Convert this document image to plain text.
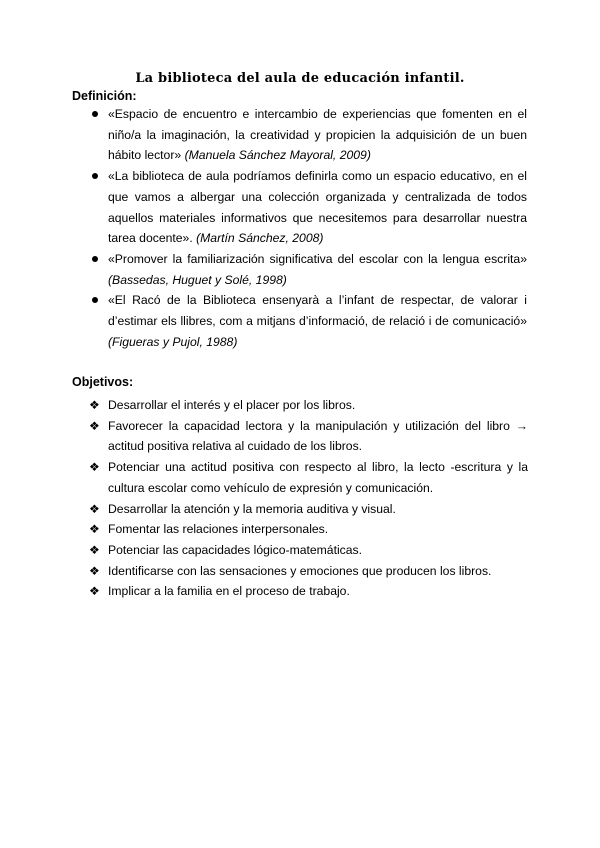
La biblioteca del aula de educación infantil.
Definición:
«Espacio de encuentro e intercambio de experiencias que fomenten en el niño/a la imaginación, la creatividad y propicien la adquisición de un buen hábito lector» (Manuela Sánchez Mayoral, 2009)
«La biblioteca de aula podríamos definirla como un espacio educativo, en el que vamos a albergar una colección organizada y centralizada de todos aquellos materiales informativos que necesitemos para desarrollar nuestra tarea docente». (Martín Sánchez, 2008)
«Promover la familiarización significativa del escolar con la lengua escrita» (Bassedas, Huguet y Solé, 1998)
«El Racó de la Biblioteca ensenyarà a l’infant de respectar, de valorar i d’estimar els llibres, com a mitjans d’informació, de relació i de comunicació» (Figueras y Pujol, 1988)
Objetivos:
❖ Desarrollar el interés y el placer por los libros.
❖ Favorecer la capacidad lectora y la manipulación y utilización del libro → actitud positiva relativa al cuidado de los libros.
❖ Potenciar una actitud positiva con respecto al libro, la lecto -escritura y la cultura escolar como vehículo de expresión y comunicación.
❖ Desarrollar la atención y la memoria auditiva y visual.
❖ Fomentar las relaciones interpersonales.
❖ Potenciar las capacidades lógico-matemáticas.
❖ Identificarse con las sensaciones y emociones que producen los libros.
❖ Implicar a la familia en el proceso de trabajo.
